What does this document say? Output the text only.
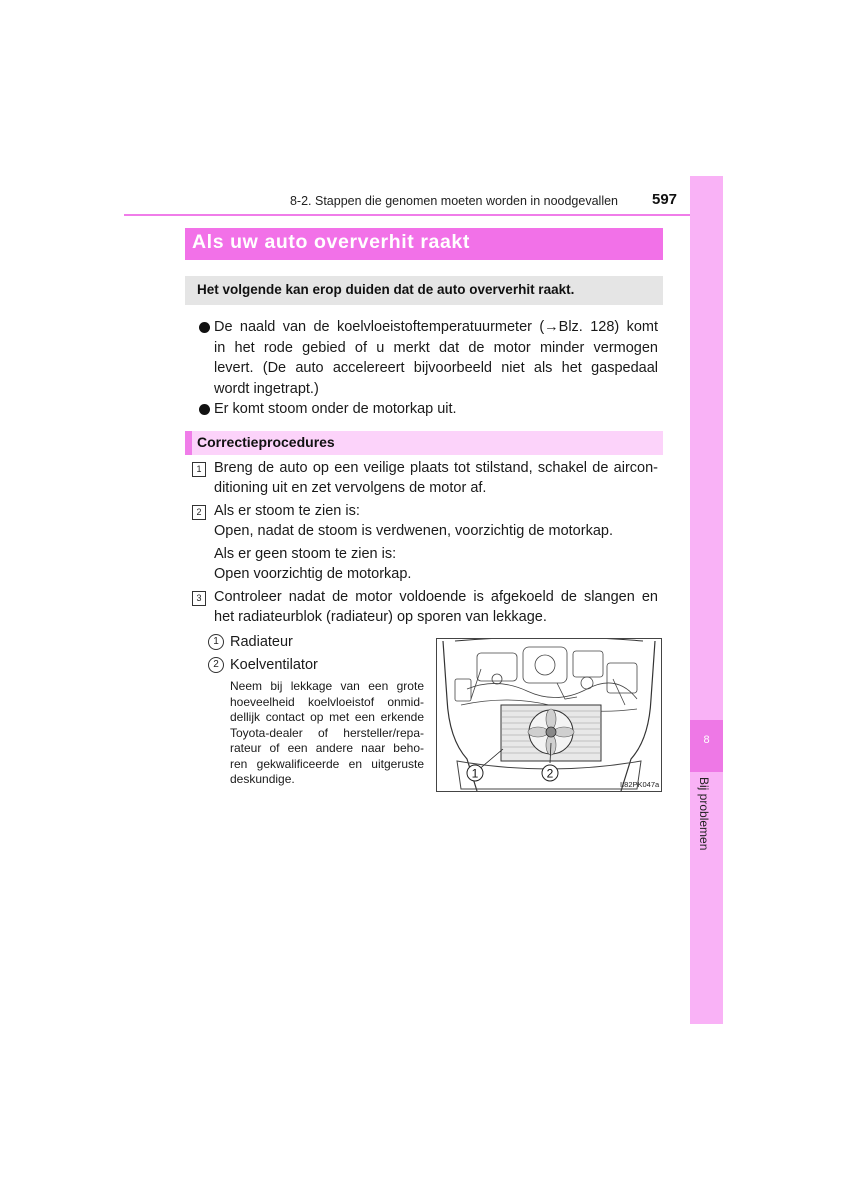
8-2. Stappen die genomen moeten worden in noodgevallen 597
8
Bij problemen
Als uw auto oververhit raakt
Het volgende kan erop duiden dat de auto oververhit raakt.
De naald van de koelvloeistoftemperatuurmeter (→Blz. 128) komt
in het rode gebied of u merkt dat de motor minder vermogen
levert. (De auto accelereert bijvoorbeeld niet als het gaspedaal
wordt ingetrapt.)
Er komt stoom onder de motorkap uit.
Correctieprocedures
1 Breng de auto op een veilige plaats tot stilstand, schakel de aircon-
ditioning uit en zet vervolgens de motor af.
2 Als er stoom te zien is:
Open, nadat de stoom is verdwenen, voorzichtig de motorkap.
Als er geen stoom te zien is:
Open voorzichtig de motorkap.
3 Controleer nadat de motor voldoende is afgekoeld de slangen en
het radiateurblok (radiateur) op sporen van lekkage.
1 Radiateur
2 Koelventilator
Neem bij lekkage van een grote
hoeveelheid koelvloeistof onmid-
dellijk contact op met een erkende
Toyota-dealer of hersteller/repa-
rateur of een andere naar beho-
ren gekwalificeerde en uitgeruste
deskundige.	1	2
II82PK047a
